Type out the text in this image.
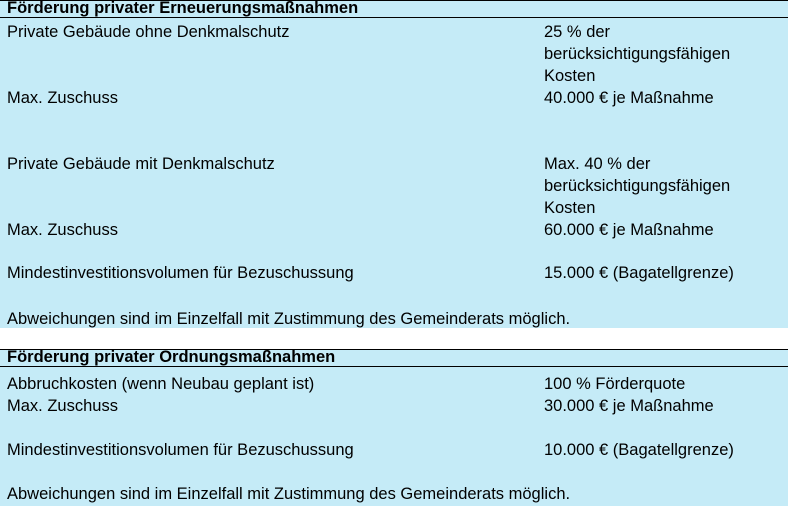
Förderung privater Erneuerungsmaßnahmen
Private Gebäude ohne Denkmalschutz	25 % der
berücksichtigungsfähigen
Kosten
Max. Zuschuss	40.000 € je Maßnahme
Private Gebäude mit Denkmalschutz	Max. 40 % der
berücksichtigungsfähigen
Kosten
Max. Zuschuss	60.000 € je Maßnahme
Mindestinvestitionsvolumen für Bezuschussung	15.000 € (Bagatellgrenze)
Abweichungen sind im Einzelfall mit Zustimmung des Gemeinderats möglich.
Förderung privater Ordnungsmaßnahmen
Abbruchkosten (wenn Neubau geplant ist)	100 % Förderquote
Max. Zuschuss	30.000 € je Maßnahme
Mindestinvestitionsvolumen für Bezuschussung	10.000 € (Bagatellgrenze)
Abweichungen sind im Einzelfall mit Zustimmung des Gemeinderats möglich.
